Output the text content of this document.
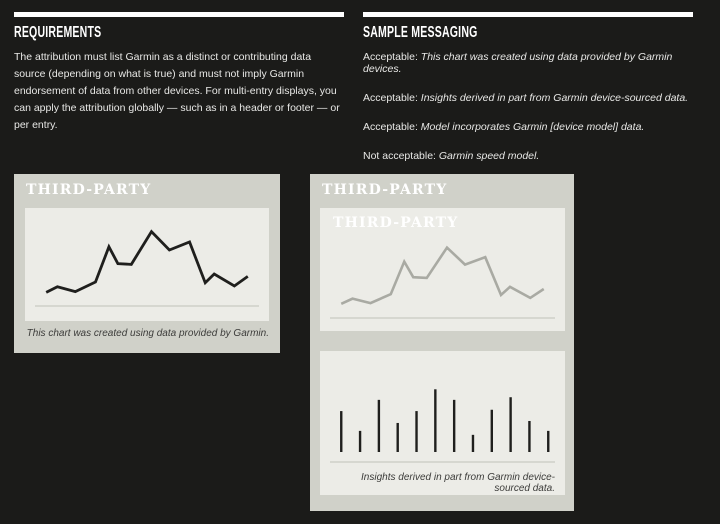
REQUIREMENTS

The attribution must list Garmin as a distinct or contributing data source (depending on what is true) and must not imply Garmin endorsement of data from other devices. For multi-entry displays, you can apply the attribution globally — such as in a header or footer — or per entry.

SAMPLE MESSAGING

Acceptable: This chart was created using data provided by Garmin devices.

Acceptable: Insights derived in part from Garmin device-sourced data.

Acceptable: Model incorporates Garmin [device model] data.

Not acceptable: Garmin speed model.

THIRD-PARTY
This chart was created using data provided by Garmin.
THIRD-PARTY
THIRD-PARTY
Insights derived in part from Garmin device-sourced data.
